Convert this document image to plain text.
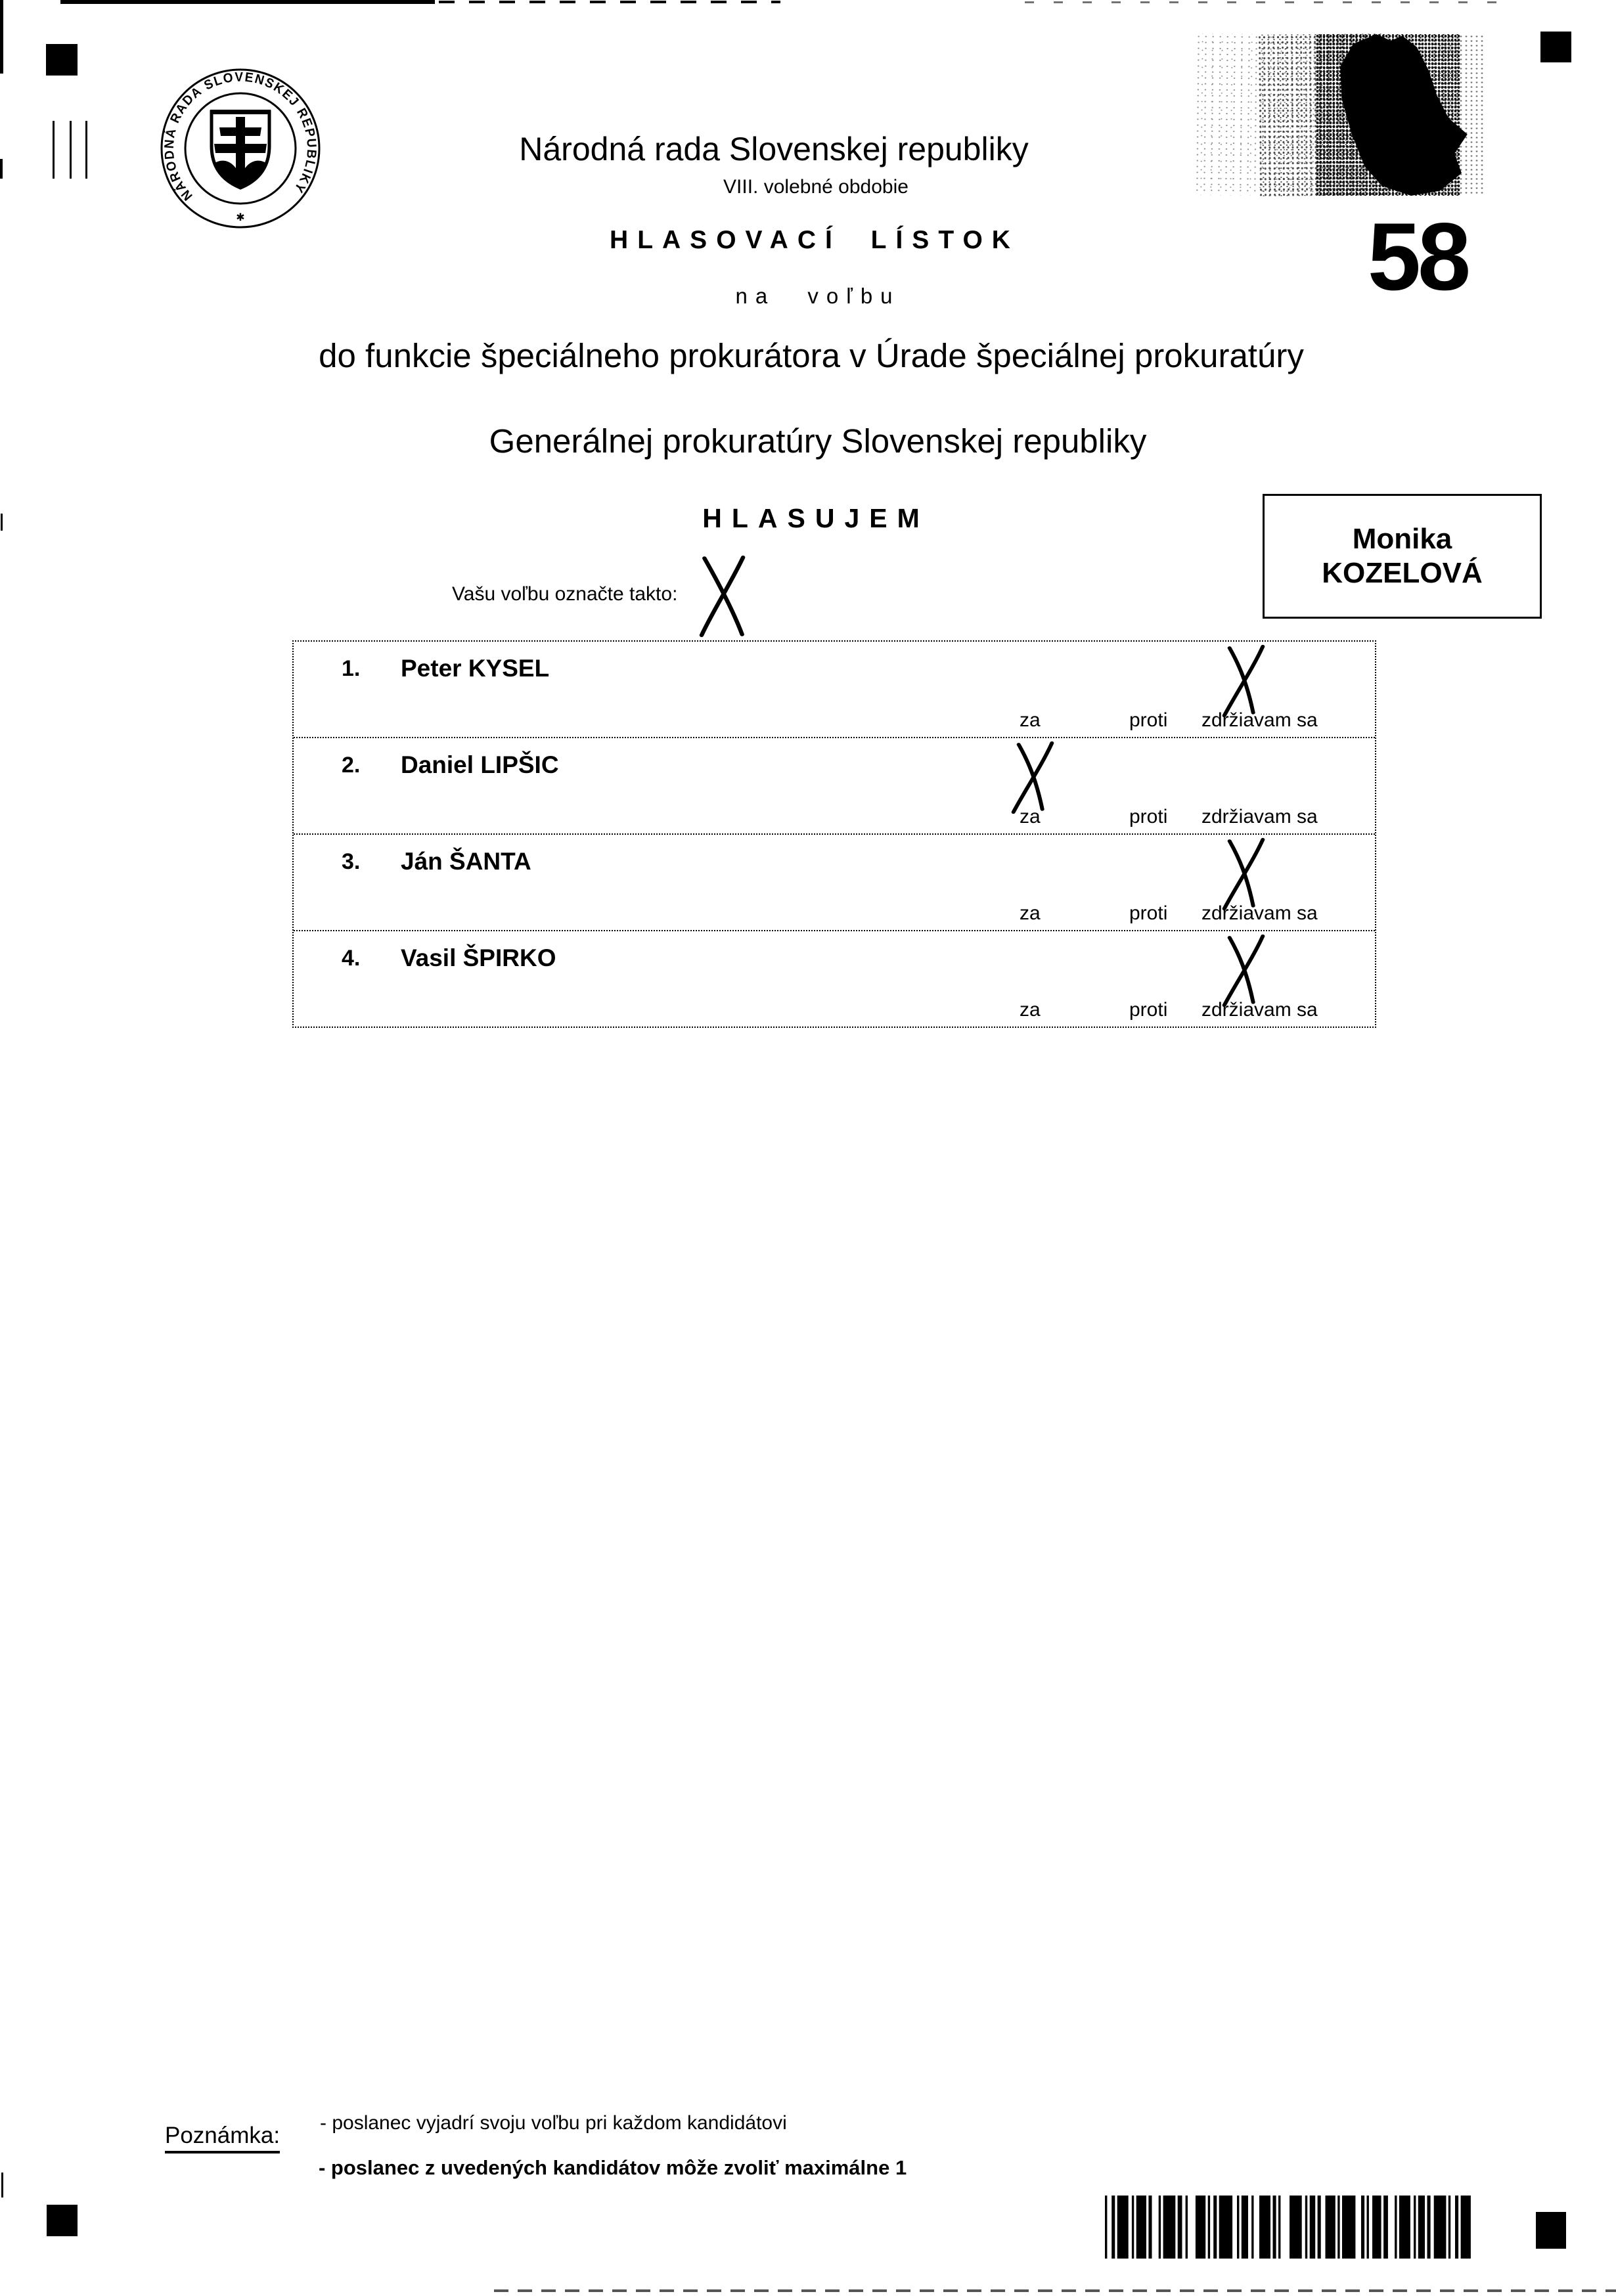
NÁRODNÁ RADA SLOVENSKEJ REPUBLIKY
✱	58
Národná rada Slovenskej republiky
VIII. volebné obdobie
HLASOVACÍ LÍSTOK
na voľbu
do funkcie špeciálneho prokurátora v Úrade špeciálnej prokuratúry
Generálnej prokuratúry Slovenskej republiky
HLASUJEM
Monika
KOZELOVÁ
Vašu voľbu označte takto:
1. Peter KYSEL
za	proti zdržiavam sa
2. Daniel LIPŠIC
za	proti zdržiavam sa
3. Ján ŠANTA
za	proti zdržiavam sa
4. Vasil ŠPIRKO
za	proti zdržiavam sa
Poznámka: - poslanec vyjadrí svoju voľbu pri každom kandidátovi
- poslanec z uvedených kandidátov môže zvoliť maximálne 1
